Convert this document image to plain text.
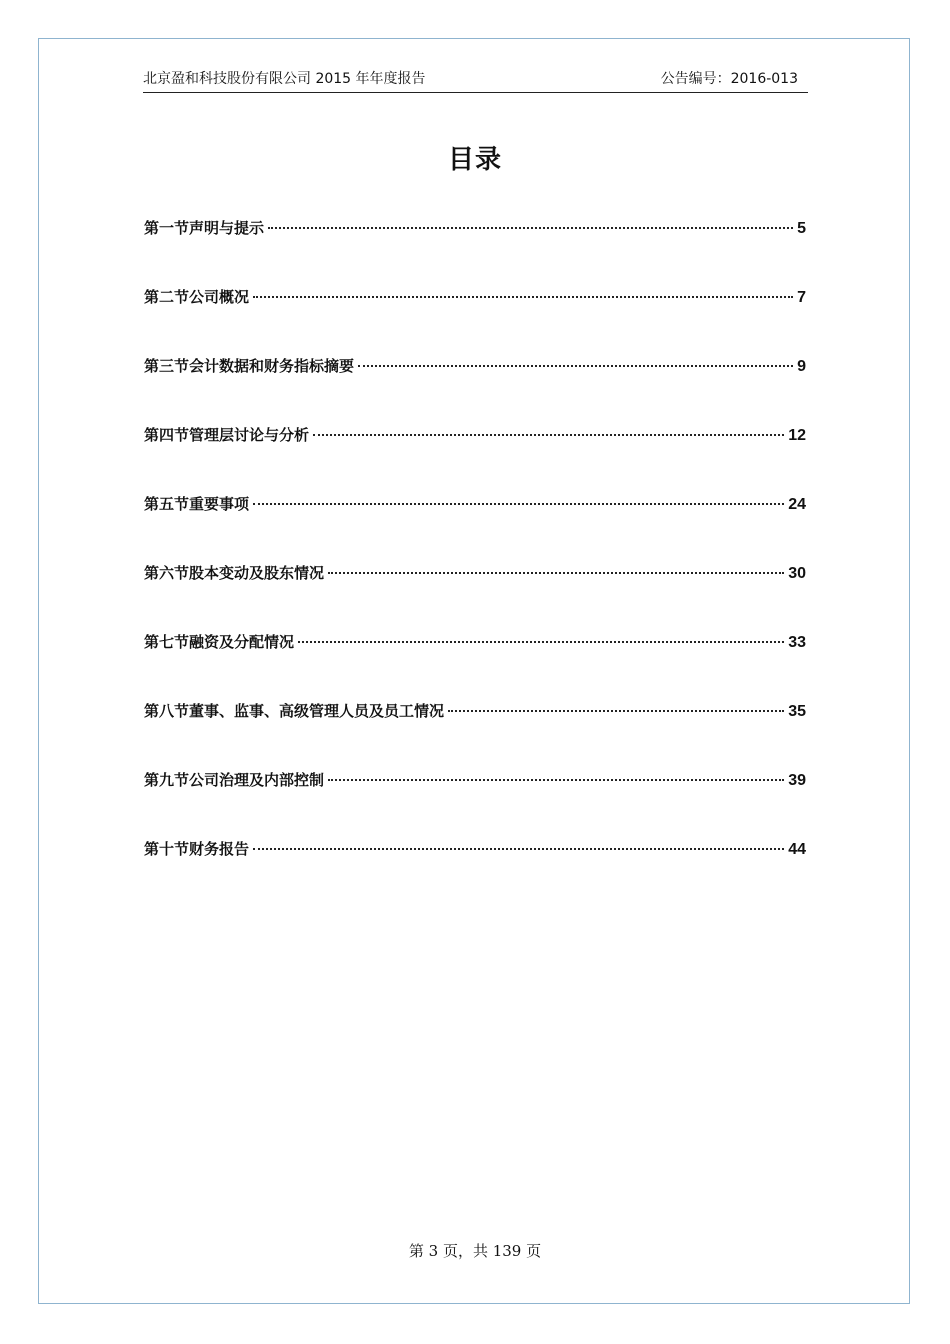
北京盈和科技股份有限公司 2015 年年度报告	公告编号：2016-013
目录
第一节声明与提示	5
第二节公司概况	7
第三节会计数据和财务指标摘要	9
第四节管理层讨论与分析	12
第五节重要事项	24
第六节股本变动及股东情况	30
第七节融资及分配情况	33
第八节董事、监事、高级管理人员及员工情况	35
第九节公司治理及内部控制	39
第十节财务报告	44
第 3 页，共 139 页
